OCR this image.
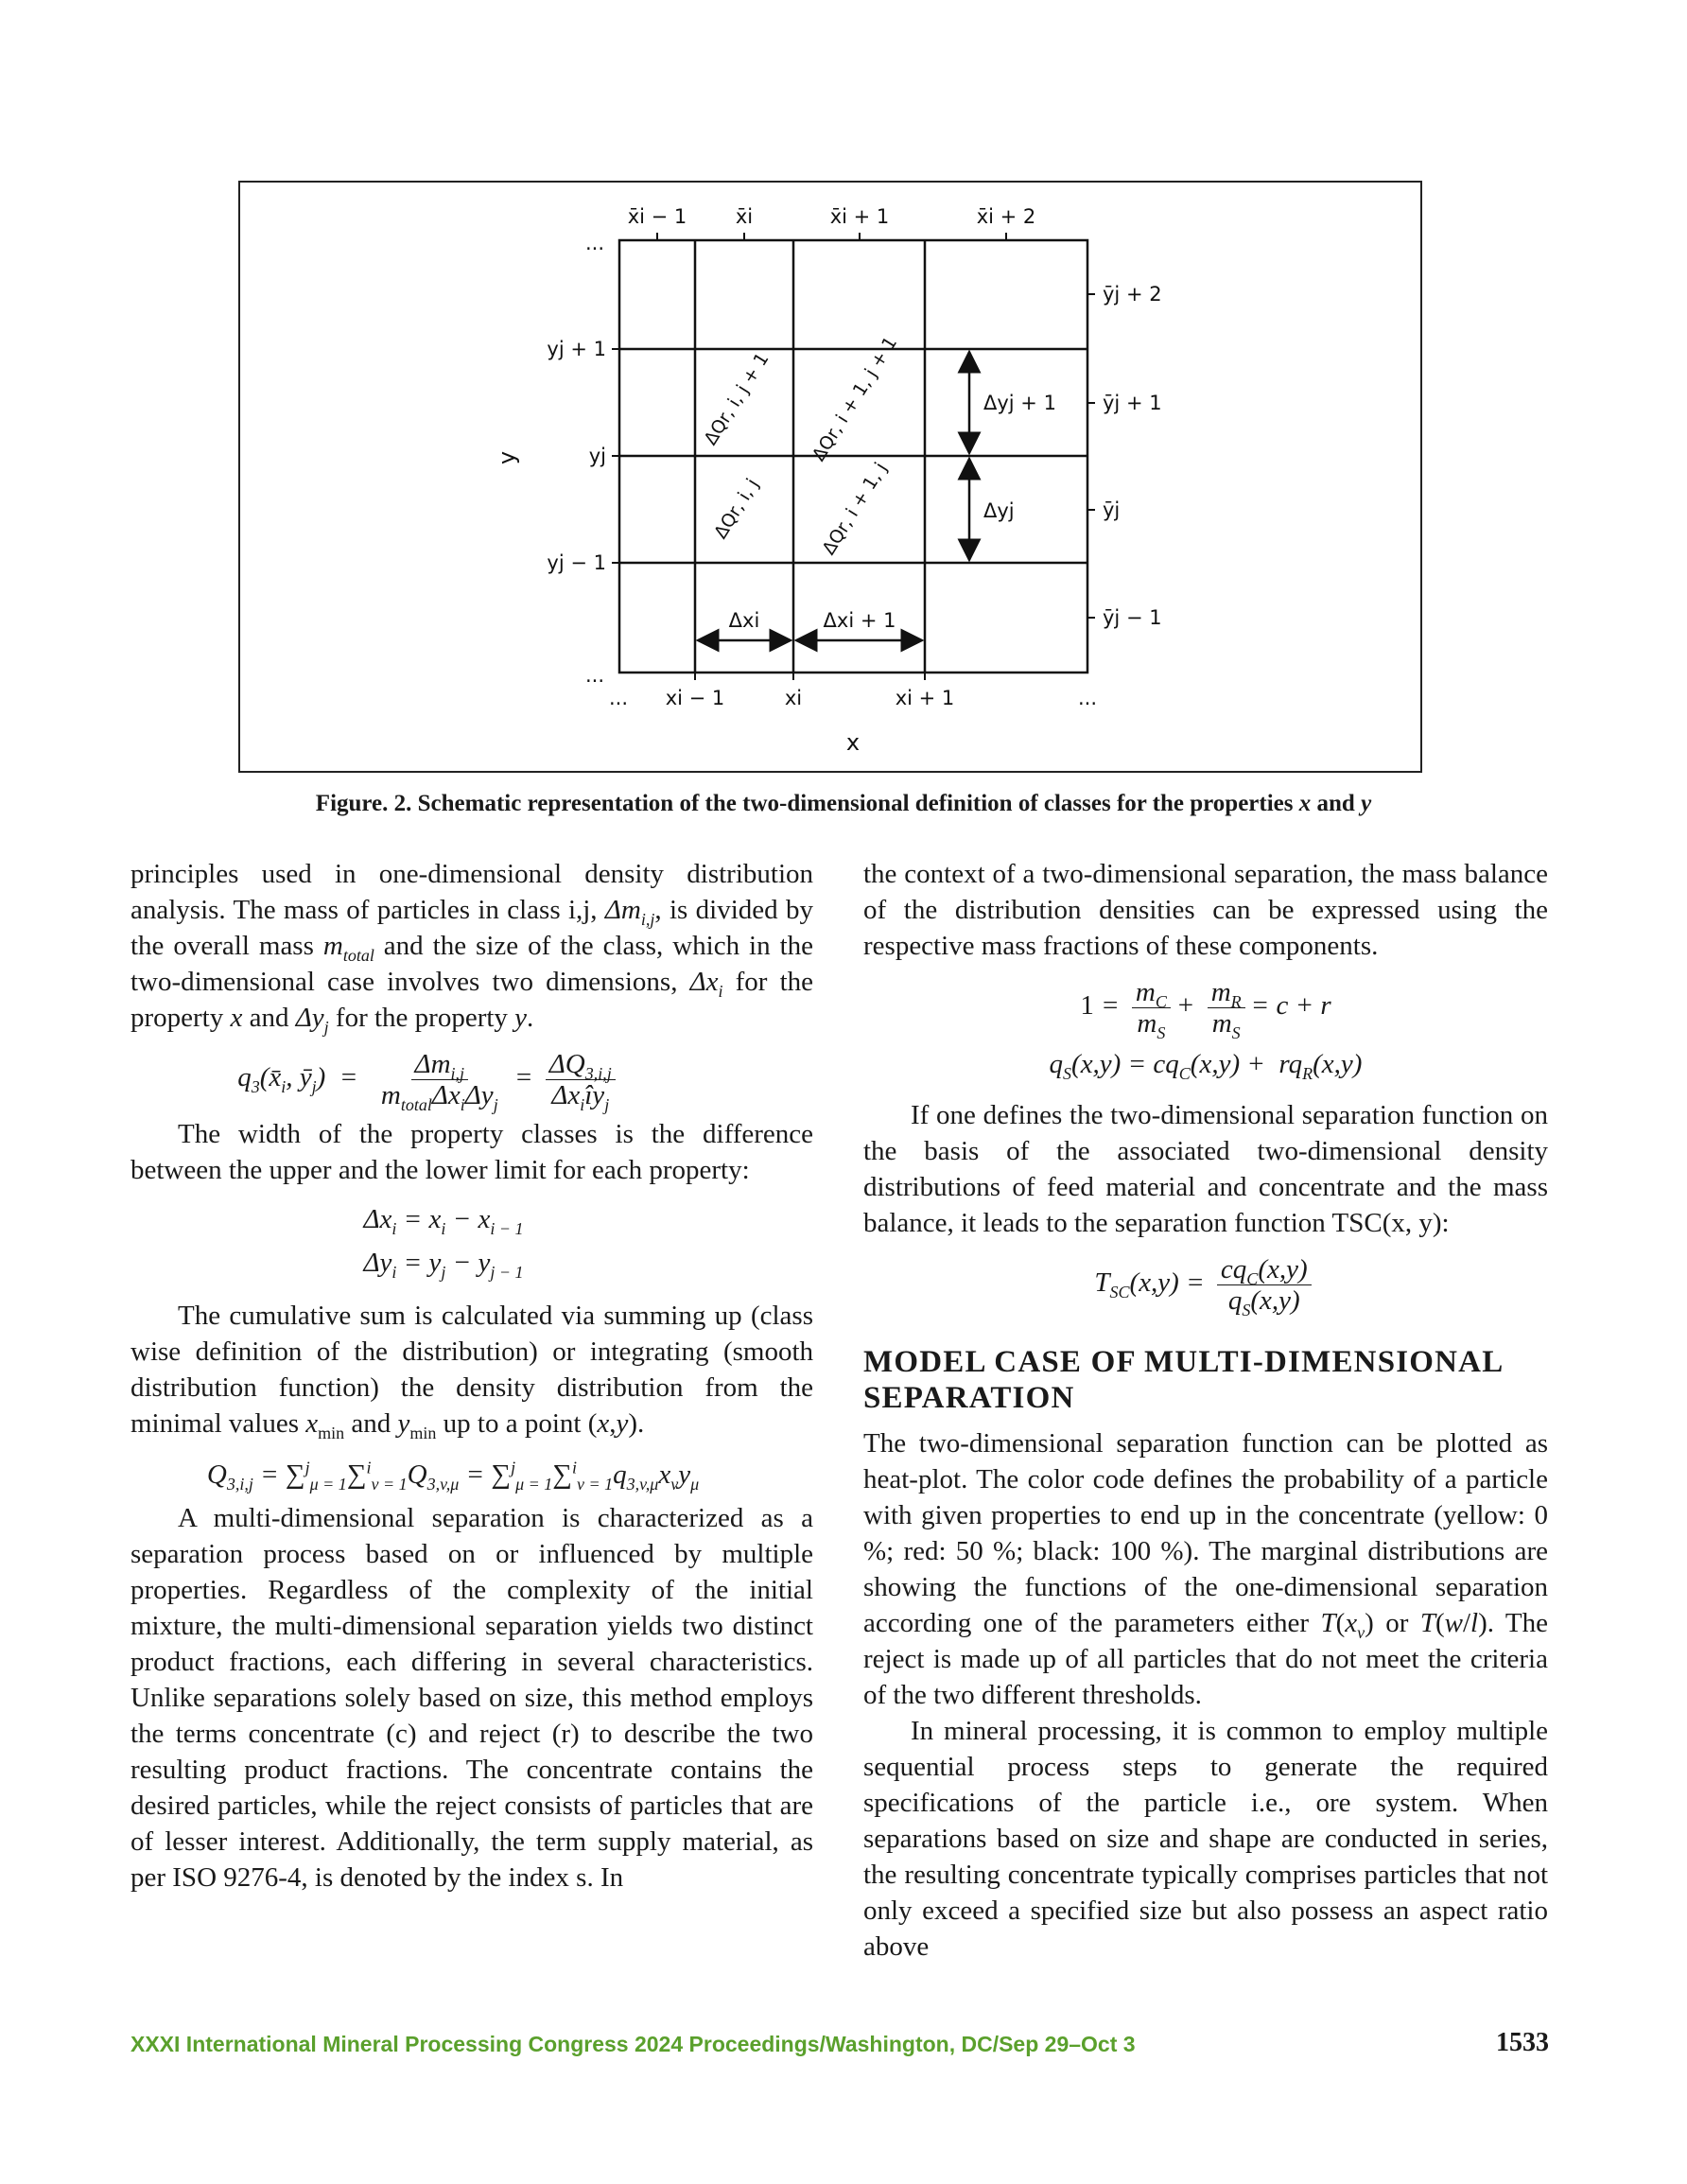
x̄i − 1 x̄i	x̄i + 1	x̄i + 2
yj + 1
yj
yj − 1
...
...
ȳj + 2
ȳj + 1
ȳj
ȳj − 1
xi − 1	xi	xi + 1
...	...
x
y
ΔQr, i, j + 1 ΔQr, i + 1, j + 1
ΔQr, i, j	ΔQr, i + 1, j
Δxi	Δxi + 1
Δyj + 1
Δyj
Figure. 2. Schematic representation of the two-dimensional definition of classes for the properties x and y

principles used in one-dimensional density distribution analysis. The mass of particles in class i,j, $\Delta m_{i,j}$, is divided by the overall mass $m_{total}$ and the size of the class, which in the two-dimensional case involves two dimensions, $\Delta x_i$ for the property x and $\Delta y_j$ for the property y.

$q_3(x̄_i$, $ȳ_j) = \frac{\Delta m_{i,j}}{m_{total}\Delta x_i\Delta y_j} = \frac{\Delta Q_{3,i,j}}{\Delta x_iîy_j}$

The width of the property classes is the difference between the upper and the lower limit for each property:

$\Delta x_i = x_i - x_{i - 1}$
$\Delta y_i = y_j - y_{j - 1}$

The cumulative sum is calculated via summing up (class wise definition of the distribution) or integrating (smooth distribution function) the density distribution from the minimal values $x_{min}$ and $y_{min}$ up to a point (x,y).

$Q_{3,i,j} = \sum^j_{\mu = 1}\sum^i_{v = 1}Q_{3,v,\mu} = \sum^j_{\mu = 1}\sum^i_{v = 1}q_{3,v,\mu}x_vy_\mu$

A multi-dimensional separation is characterized as a separation process based on or influenced by multiple properties. Regardless of the complexity of the initial mixture, the multi-dimensional separation yields two distinct product fractions, each differing in several characteristics. Unlike separations solely based on size, this method employs the terms concentrate (c) and reject (r) to describe the two resulting product fractions. The concentrate contains the desired particles, while the reject consists of particles that are of lesser interest. Additionally, the term supply material, as per ISO 9276-4, is denoted by the index s. In

the context of a two-dimensional separation, the mass balance of the distribution densities can be expressed using the respective mass fractions of these components.

$1 = \frac{m_C}{m_S} + \frac{m_R}{m_S} = c + r$
$q_S(x,y) = cq_C(x,y) + rq_R(x,y)$

If one defines the two-dimensional separation function on the basis of the associated two-dimensional density distributions of feed material and concentrate and the mass balance, it leads to the separation function TSC(x, y):

$T_{SC}(x,y) = \frac{cq_C(x,y)}{q_S(x,y)}$
MODEL CASE OF MULTI-DIMENSIONAL SEPARATION

The two-dimensional separation function can be plotted as heat-plot. The color code defines the probability of a particle with given properties to end up in the concentrate (yellow: 0 %; red: 50 %; black: 100 %). The marginal distributions are showing the functions of the one-dimensional separation according one of the parameters either $T(x_v)$ or T(w/l). The reject is made up of all particles that do not meet the criteria of the two different thresholds.

In mineral processing, it is common to employ multiple sequential process steps to generate the required specifications of the particle i.e., ore system. When separations based on size and shape are conducted in series, the resulting concentrate typically comprises particles that not only exceed a specified size but also possess an aspect ratio above

XXXI International Mineral Processing Congress 2024 Proceedings/Washington, DC/Sep 29–Oct 3	1533
